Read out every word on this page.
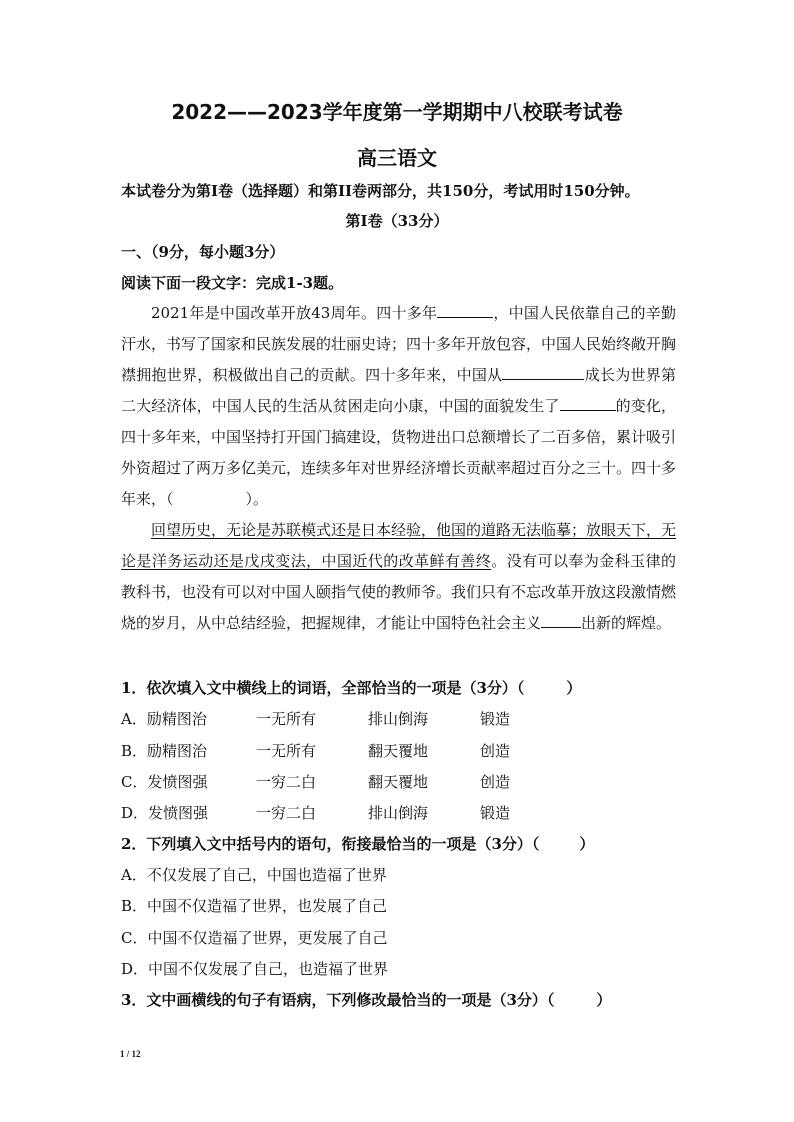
2022——2023学年度第一学期期中八校联考试卷
高三语文
本试卷分为第I卷（选择题）和第II卷两部分，共150分，考试用时150分钟。
第I卷（33分）
一、（9分，每小题3分）
阅读下面一段文字：完成1-3题。

2021年是中国改革开放43周年。四十多年	，中国人民依靠自己的辛勤汗水，书写了国家和民族发展的壮丽史诗；四十多年开放包容，中国人民始终敞开胸襟拥抱世界，积极做出自己的贡献。四十多年来，中国从	成长为世界第二大经济体，中国人民的生活从贫困走向小康，中国的面貌发生了	的变化，四十多年来，中国坚持打开国门搞建设，货物进出口总额增长了二百多倍，累计吸引外资超过了两万多亿美元，连续多年对世界经济增长贡献率超过百分之三十。四十多年来，（	）。

回望历史，无论是苏联模式还是日本经验，他国的道路无法临摹；放眼天下，无论是洋务运动还是戊戌变法，中国近代的改革鲜有善终。没有可以奉为金科玉律的教科书，也没有可以对中国人颐指气使的教师爷。我们只有不忘改革开放这段激情燃烧的岁月，从中总结经验，把握规律，才能让中国特色社会主义	出新的辉煌。

1．依次填入文中横线上的词语，全部恰当的一项是（3分）（	）
A．励精图治	一无所有	排山倒海	锻造
B．励精图治	一无所有	翻天覆地	创造
C．发愤图强	一穷二白	翻天覆地	创造
D．发愤图强	一穷二白	排山倒海	锻造
2．下列填入文中括号内的语句，衔接最恰当的一项是（3分）（	）
A．不仅发展了自己，中国也造福了世界
B．中国不仅造福了世界，也发展了自己
C．中国不仅造福了世界，更发展了自己
D．中国不仅发展了自己，也造福了世界
3．文中画横线的句子有语病，下列修改最恰当的一项是（3分）（	）
1 / 12
